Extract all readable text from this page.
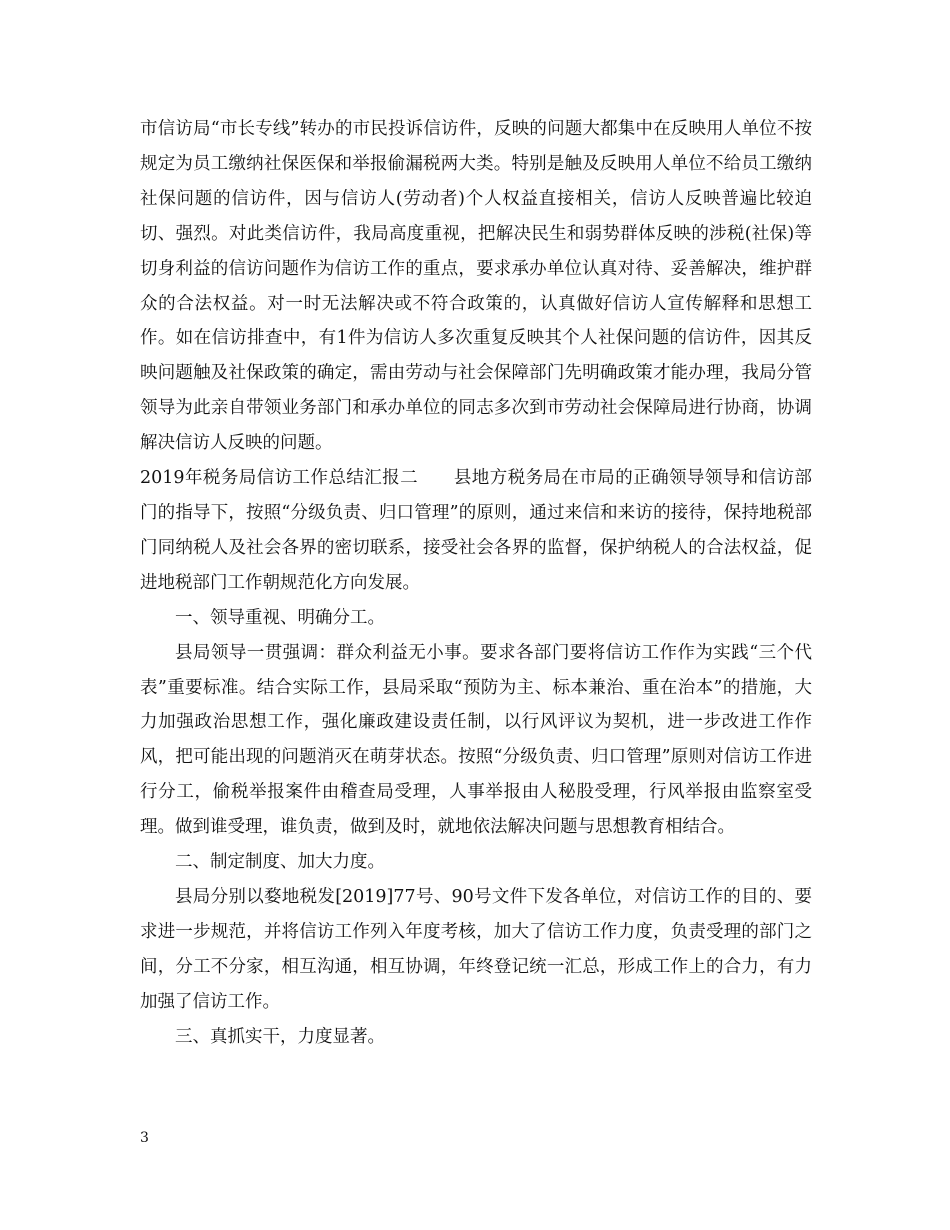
市信访局“市长专线”转办的市民投诉信访件，反映的问题大都集中在反映用人单位不按规定为员工缴纳社保医保和举报偷漏税两大类。特别是触及反映用人单位不给员工缴纳社保问题的信访件，因与信访人(劳动者)个人权益直接相关，信访人反映普遍比较迫切、强烈。对此类信访件，我局高度重视，把解决民生和弱势群体反映的涉税(社保)等切身利益的信访问题作为信访工作的重点，要求承办单位认真对待、妥善解决，维护群众的合法权益。对一时无法解决或不符合政策的，认真做好信访人宣传解释和思想工作。如在信访排查中，有1件为信访人多次重复反映其个人社保问题的信访件，因其反映问题触及社保政策的确定，需由劳动与社会保障部门先明确政策才能办理，我局分管领导为此亲自带领业务部门和承办单位的同志多次到市劳动社会保障局进行协商，协调解决信访人反映的问题。

2019年税务局信访工作总结汇报二　　县地方税务局在市局的正确领导领导和信访部门的指导下，按照“分级负责、归口管理”的原则，通过来信和来访的接待，保持地税部门同纳税人及社会各界的密切联系，接受社会各界的监督，保护纳税人的合法权益，促进地税部门工作朝规范化方向发展。

一、领导重视、明确分工。

县局领导一贯强调：群众利益无小事。要求各部门要将信访工作作为实践“三个代表”重要标准。结合实际工作，县局采取“预防为主、标本兼治、重在治本”的措施，大力加强政治思想工作，强化廉政建设责任制，以行风评议为契机，进一步改进工作作风，把可能出现的问题消灭在萌芽状态。按照“分级负责、归口管理”原则对信访工作进行分工，偷税举报案件由稽查局受理，人事举报由人秘股受理，行风举报由监察室受理。做到谁受理，谁负责，做到及时，就地依法解决问题与思想教育相结合。

二、制定制度、加大力度。

县局分别以婺地税发[2019]77号、90号文件下发各单位，对信访工作的目的、要求进一步规范，并将信访工作列入年度考核，加大了信访工作力度，负责受理的部门之间，分工不分家，相互沟通，相互协调，年终登记统一汇总，形成工作上的合力，有力加强了信访工作。

三、真抓实干，力度显著。

3
